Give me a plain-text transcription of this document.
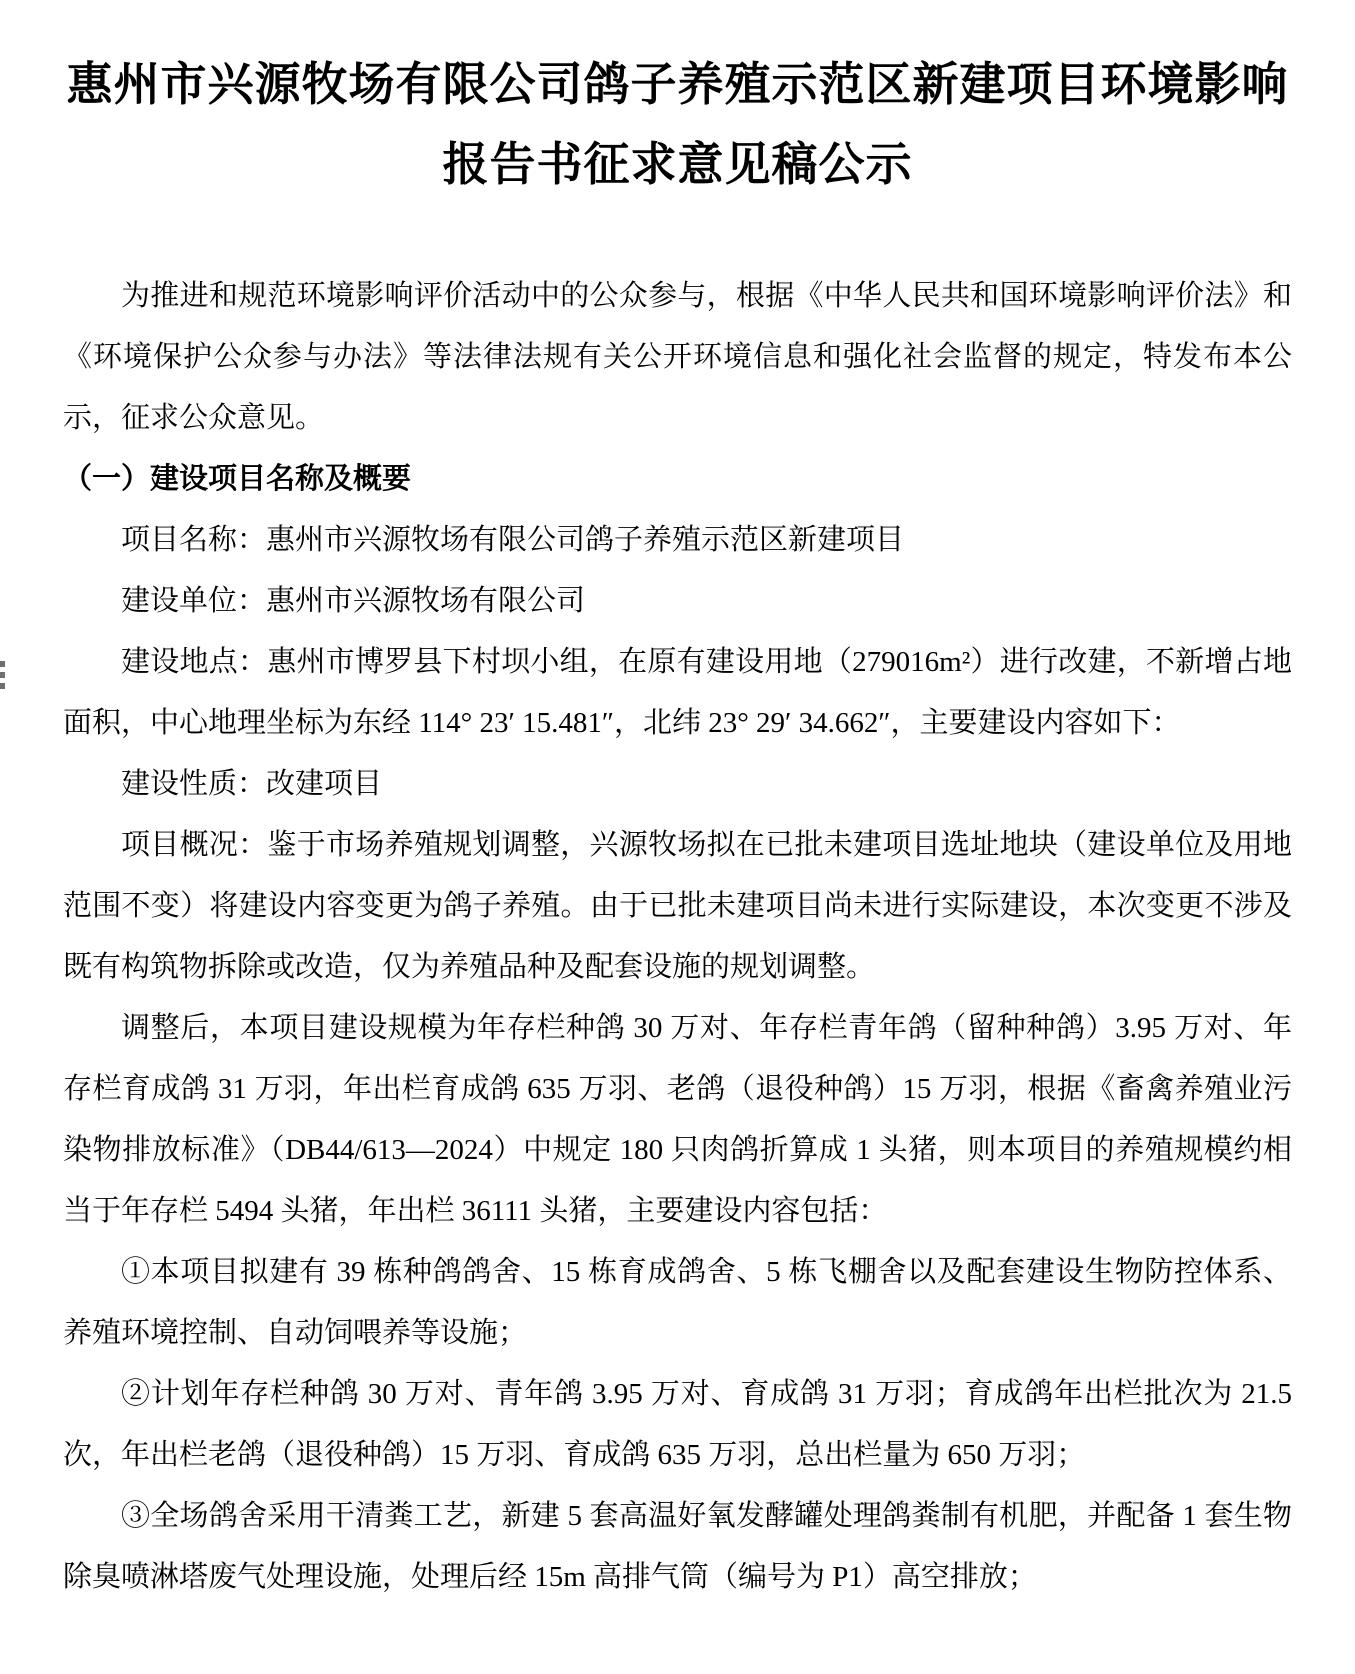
惠州市兴源牧场有限公司鸽子养殖示范区新建项目环境影响
报告书征求意见稿公示

为推进和规范环境影响评价活动中的公众参与，根据《中华人民共和国环境影响评价法》和《环境保护公众参与办法》等法律法规有关公开环境信息和强化社会监督的规定，特发布本公示，征求公众意见。

（一）建设项目名称及概要

项目名称：惠州市兴源牧场有限公司鸽子养殖示范区新建项目

建设单位：惠州市兴源牧场有限公司

建设地点：惠州市博罗县下村坝小组，在原有建设用地（279016m²）进行改建，不新增占地面积，中心地理坐标为东经 114° 23′ 15.481″，北纬 23° 29′ 34.662″，主要建设内容如下：

建设性质：改建项目

项目概况：鉴于市场养殖规划调整，兴源牧场拟在已批未建项目选址地块（建设单位及用地范围不变）将建设内容变更为鸽子养殖。由于已批未建项目尚未进行实际建设，本次变更不涉及既有构筑物拆除或改造，仅为养殖品种及配套设施的规划调整。

调整后，本项目建设规模为年存栏种鸽 30 万对、年存栏青年鸽（留种种鸽）3.95 万对、年存栏育成鸽 31 万羽，年出栏育成鸽 635 万羽、老鸽（退役种鸽）15 万羽，根据《畜禽养殖业污染物排放标准》（DB44/613—2024）中规定 180 只肉鸽折算成 1 头猪，则本项目的养殖规模约相当于年存栏 5494 头猪，年出栏 36111 头猪，主要建设内容包括：

①本项目拟建有 39 栋种鸽鸽舍、15 栋育成鸽舍、5 栋飞棚舍以及配套建设生物防控体系、养殖环境控制、自动饲喂养等设施；

②计划年存栏种鸽 30 万对、青年鸽 3.95 万对、育成鸽 31 万羽；育成鸽年出栏批次为 21.5 次，年出栏老鸽（退役种鸽）15 万羽、育成鸽 635 万羽，总出栏量为 650 万羽；

③全场鸽舍采用干清粪工艺，新建 5 套高温好氧发酵罐处理鸽粪制有机肥，并配备 1 套生物除臭喷淋塔废气处理设施，处理后经 15m 高排气筒（编号为 P1）高空排放；
